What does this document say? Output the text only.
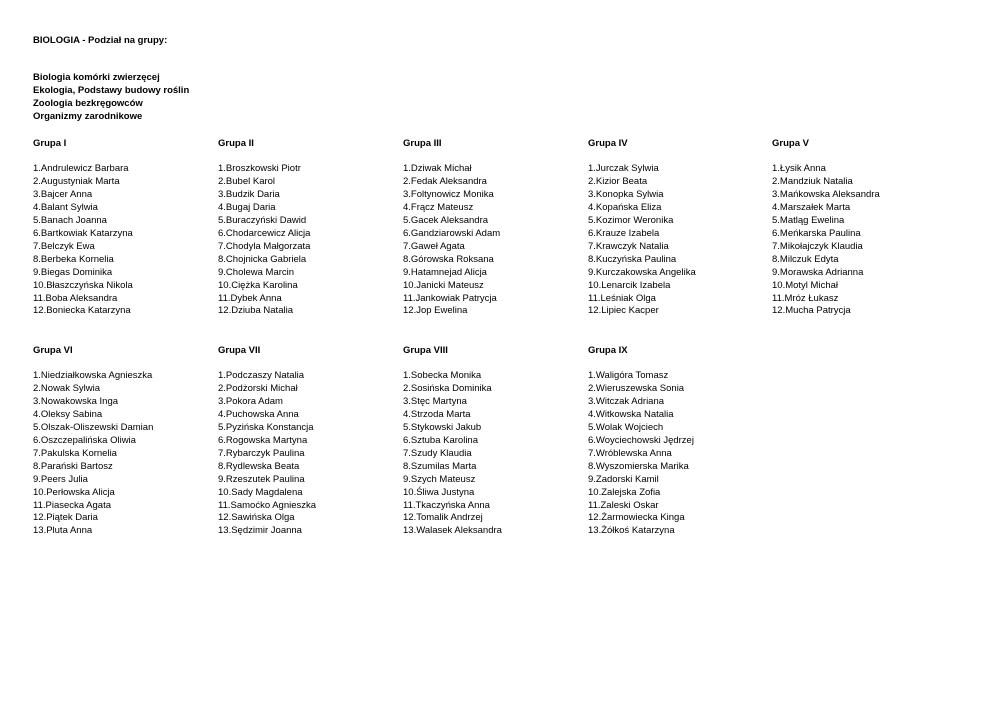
BIOLOGIA - Podział na grupy:
Biologia komórki zwierzęcej
Ekologia, Podstawy budowy roślin
Zoologia bezkręgowców
Organizmy zarodnikowe
Grupa I
1.Andrulewicz Barbara
2.Augustyniak Marta
3.Bajcer Anna
4.Balant Sylwia
5.Banach Joanna
6.Bartkowiak Katarzyna
7.Belczyk Ewa
8.Berbeka Kornelia
9.Biegas Dominika
10.Błaszczyńska Nikola
11.Boba Aleksandra
12.Boniecka Katarzyna
Grupa II
1.Broszkowski Piotr
2.Bubel Karol
3.Budzik Daria
4.Bugaj Daria
5.Buraczyński Dawid
6.Chodarcewicz Alicja
7.Chodyla Małgorzata
8.Chojnicka Gabriela
9.Cholewa Marcin
10.Ciężka Karolina
11.Dybek Anna
12.Dziuba Natalia
Grupa III
1.Dziwak Michał
2.Fedak Aleksandra
3.Foltynowicz Monika
4.Frącz Mateusz
5.Gacek Aleksandra
6.Gandziarowski Adam
7.Gaweł Agata
8.Górowska Roksana
9.Hatamnejad Alicja
10.Janicki Mateusz
11.Jankowiak Patrycja
12.Jop Ewelina
Grupa IV
1.Jurczak Sylwia
2.Kizior Beata
3.Konopka Sylwia
4.Kopańska Eliza
5.Kozimor Weronika
6.Krauze Izabela
7.Krawczyk Natalia
8.Kuczyńska Paulina
9.Kurczakowska Angelika
10.Lenarcik Izabela
11.Leśniak Olga
12.Lipiec Kacper
Grupa V
1.Łysik Anna
2.Mandziuk Natalia
3.Mańkowska Aleksandra
4.Marszałek Marta
5.Matląg Ewelina
6.Meńkarska Paulina
7.Mikołajczyk Klaudia
8.Milczuk Edyta
9.Morawska Adrianna
10.Motyl Michał
11.Mróz Łukasz
12.Mucha Patrycja
Grupa VI
1.Niedziałkowska Agnieszka
2.Nowak Sylwia
3.Nowakowska Inga
4.Oleksy Sabina
5.Olszak-Oliszewski Damian
6.Oszczepalińska Oliwia
7.Pakulska Kornelia
8.Parański Bartosz
9.Peers Julia
10.Perłowska Alicja
11.Piasecka Agata
12.Piątek Daria
13.Pluta Anna
Grupa VII
1.Podczaszy Natalia
2.Podżorski Michał
3.Pokora Adam
4.Puchowska Anna
5.Pyzińska Konstancja
6.Rogowska Martyna
7.Rybarczyk Paulina
8.Rydlewska Beata
9.Rzeszutek Paulina
10.Sady Magdalena
11.Samoćko Agnieszka
12.Sawińska Olga
13.Sędzimir Joanna
Grupa VIII
1.Sobecka Monika
2.Sosińska Dominika
3.Stęc Martyna
4.Strzoda Marta
5.Stykowski Jakub
6.Sztuba Karolina
7.Szudy Klaudia
8.Szumilas Marta
9.Szych Mateusz
10.Śliwa Justyna
11.Tkaczyńska Anna
12.Tomalik Andrzej
13.Walasek Aleksandra
Grupa IX
1.Waligóra Tomasz
2.Wieruszewska Sonia
3.Witczak Adriana
4.Witkowska Natalia
5.Wolak Wojciech
6.Woyciechowski Jędrzej
7.Wróblewska Anna
8.Wyszomierska Marika
9.Zadorski Kamil
10.Zalejska Zofia
11.Zaleski Oskar
12.Żarmowiecka Kinga
13.Żółkoś Katarzyna
